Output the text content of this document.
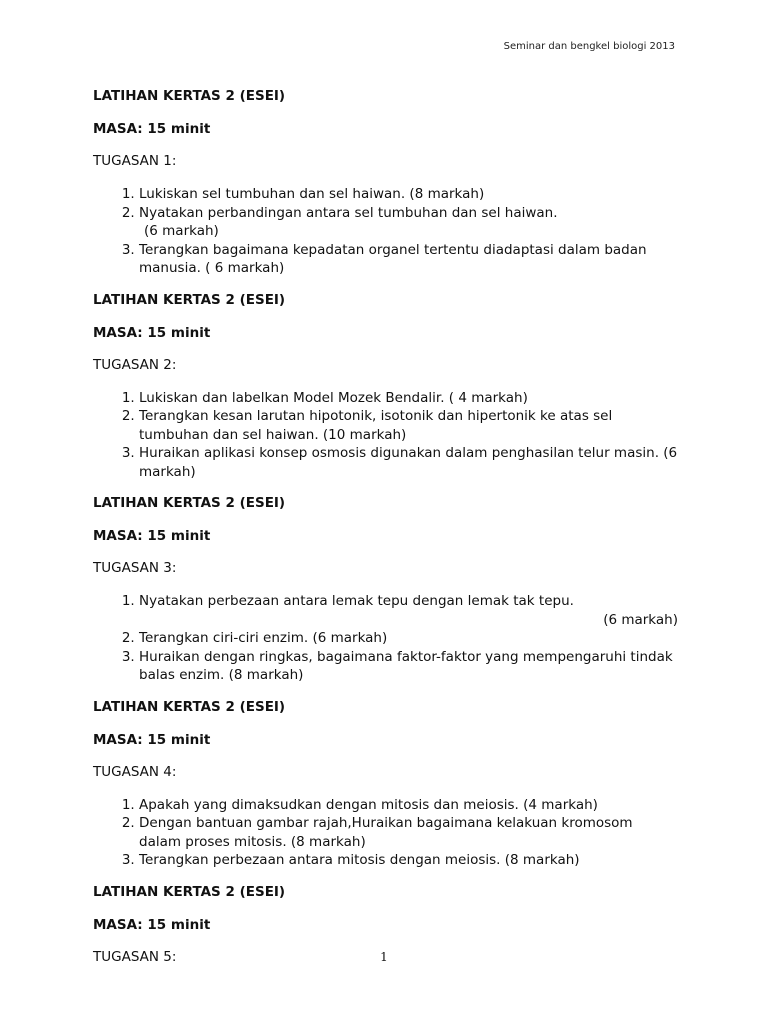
Seminar dan bengkel biologi 2013
LATIHAN KERTAS 2 (ESEI)
MASA: 15 minit
TUGASAN 1:
1. Lukiskan sel tumbuhan dan sel haiwan. (8 markah)
2. Nyatakan perbandingan antara sel tumbuhan dan sel haiwan.
(6 markah)
3. Terangkan bagaimana kepadatan organel tertentu diadaptasi dalam badan manusia. ( 6 markah)
LATIHAN KERTAS 2 (ESEI)
MASA: 15 minit
TUGASAN 2:
1. Lukiskan dan labelkan Model Mozek Bendalir. ( 4 markah)
2. Terangkan kesan larutan hipotonik, isotonik dan hipertonik ke atas sel tumbuhan dan sel haiwan. (10 markah)
3. Huraikan aplikasi konsep osmosis digunakan dalam penghasilan telur masin. (6 markah)
LATIHAN KERTAS 2 (ESEI)
MASA: 15 minit
TUGASAN 3:
1. Nyatakan perbezaan antara lemak tepu dengan lemak tak tepu.
(6 markah)
2. Terangkan ciri-ciri enzim. (6 markah)
3. Huraikan dengan ringkas, bagaimana faktor-faktor yang mempengaruhi tindak balas enzim. (8 markah)
LATIHAN KERTAS 2 (ESEI)
MASA: 15 minit
TUGASAN 4:
1. Apakah yang dimaksudkan dengan mitosis dan meiosis. (4 markah)
2. Dengan bantuan gambar rajah,Huraikan bagaimana kelakuan kromosom dalam proses mitosis. (8 markah)
3. Terangkan perbezaan antara mitosis dengan meiosis. (8 markah)
LATIHAN KERTAS 2 (ESEI)
MASA: 15 minit
TUGASAN 5:	1
